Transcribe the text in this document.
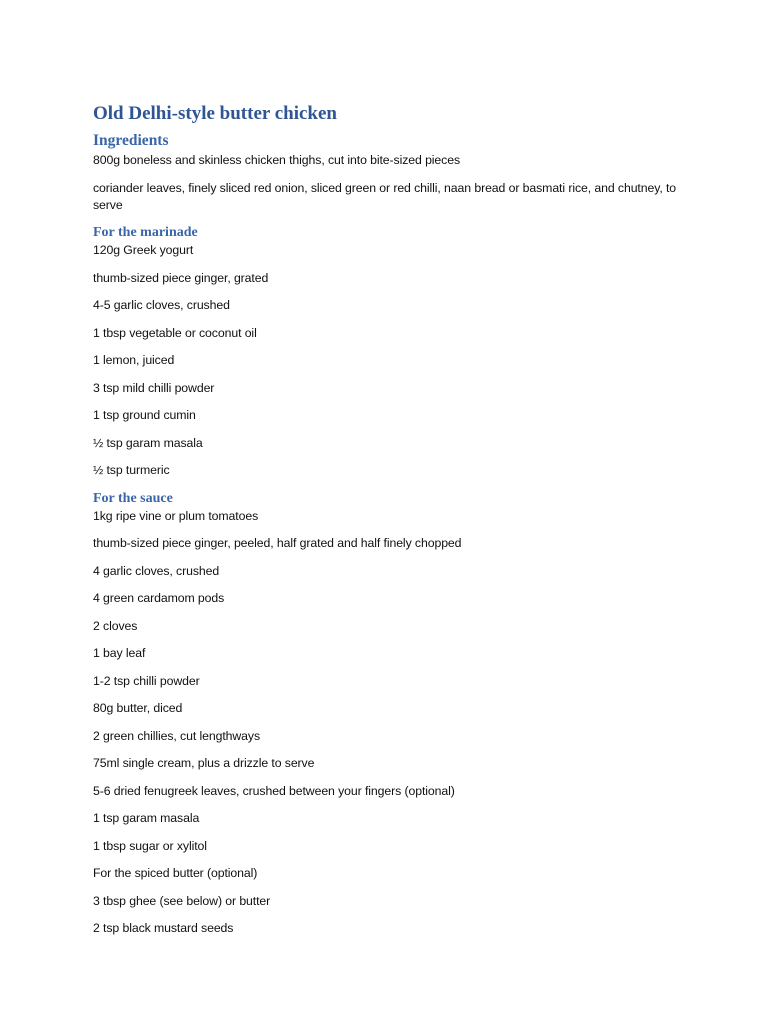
Old Delhi-style butter chicken
Ingredients

800g boneless and skinless chicken thighs, cut into bite-sized pieces

coriander leaves, finely sliced red onion, sliced green or red chilli, naan bread or basmati rice, and chutney, to serve

For the marinade

120g Greek yogurt

thumb-sized piece ginger, grated

4-5 garlic cloves, crushed

1 tbsp vegetable or coconut oil

1 lemon, juiced

3 tsp mild chilli powder

1 tsp ground cumin

½ tsp garam masala

½ tsp turmeric

For the sauce

1kg ripe vine or plum tomatoes

thumb-sized piece ginger, peeled, half grated and half finely chopped

4 garlic cloves, crushed

4 green cardamom pods

2 cloves

1 bay leaf

1-2 tsp chilli powder

80g butter, diced

2 green chillies, cut lengthways

75ml single cream, plus a drizzle to serve

5-6 dried fenugreek leaves, crushed between your fingers (optional)

1 tsp garam masala

1 tbsp sugar or xylitol

For the spiced butter (optional)

3 tbsp ghee (see below) or butter

2 tsp black mustard seeds
